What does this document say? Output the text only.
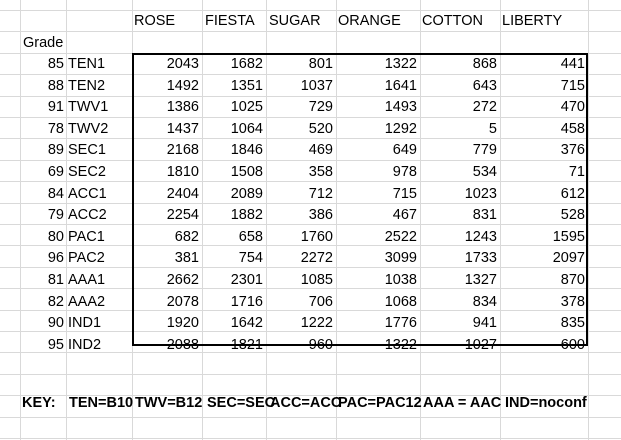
Grade
ROSE FIESTA SUGAR ORANGE COTTON LIBERTY
85 TEN1	2043	1682	801	1322	868	441
88 TEN2	1492	1351	1037	1641	643	715
91 TWV1	1386	1025	729	1493	272	470
78 TWV2	1437	1064	520	1292	5	458
89 SEC1	2168	1846	469	649	779	376
69 SEC2	1810	1508	358	978	534	71
84 ACC1	2404	2089	712	715	1023	612
79 ACC2	2254	1882	386	467	831	528
80 PAC1	682	658	1760	2522	1243	1595
96 PAC2	381	754	2272	3099	1733	2097
81 AAA1	2662	2301	1085	1038	1327	870
82 AAA2	2078	1716	706	1068	834	378
90 IND1	1920	1642	1222	1776	941	835
95 IND2	2088	1821	960	1322	1027	600
KEY: TEN=B10 TWV=B12 SEC=SEC
ACC=ACC
PAC=PAC12 AAA = AAC IND=noconf
